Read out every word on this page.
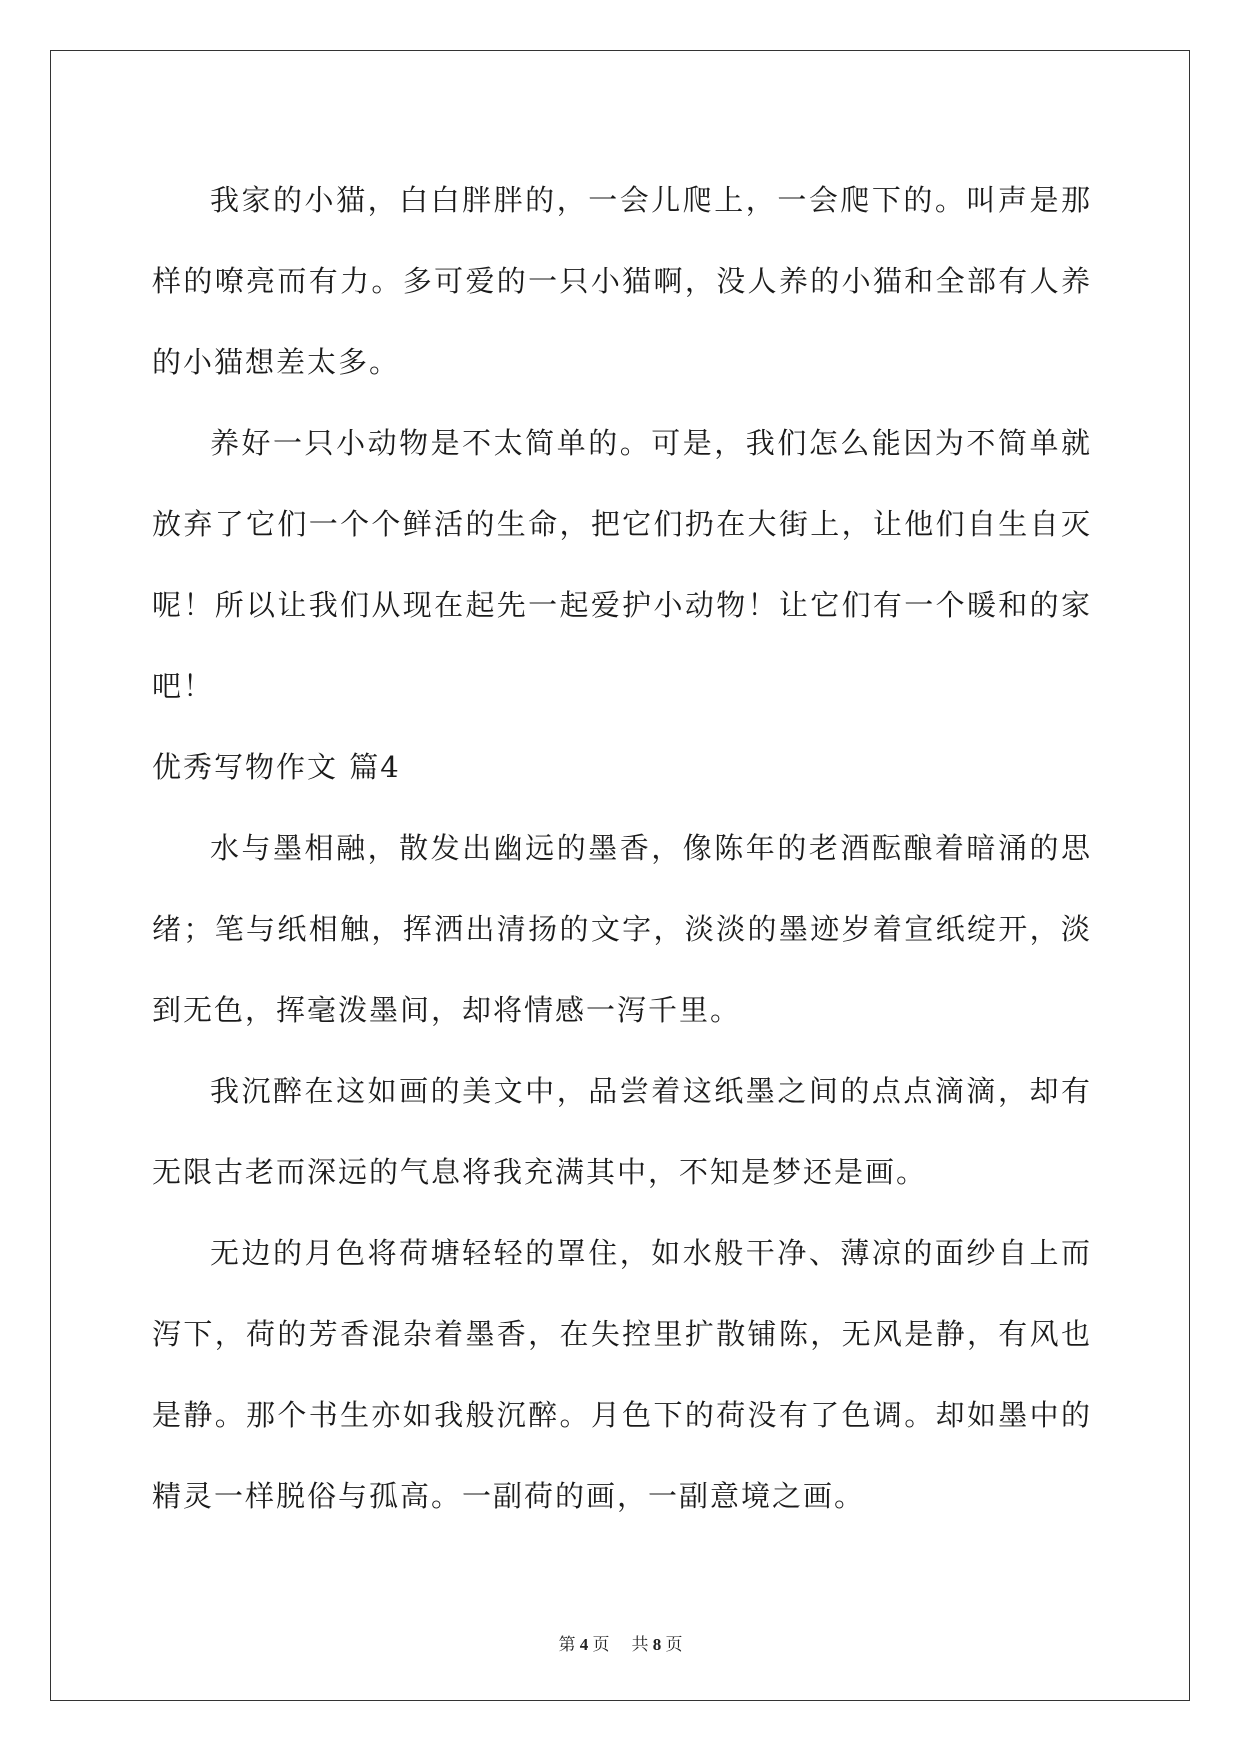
我家的小猫，白白胖胖的，一会儿爬上，一会爬下的。叫声是那样的嘹亮而有力。多可爱的一只小猫啊，没人养的小猫和全部有人养的小猫想差太多。

养好一只小动物是不太简单的。可是，我们怎么能因为不简单就放弃了它们一个个鲜活的生命，把它们扔在大街上，让他们自生自灭呢！所以让我们从现在起先一起爱护小动物！让它们有一个暖和的家吧！

优秀写物作文 篇4

水与墨相融，散发出幽远的墨香，像陈年的老酒酝酿着暗涌的思绪；笔与纸相触，挥洒出清扬的文字，淡淡的墨迹岁着宣纸绽开，淡到无色，挥毫泼墨间，却将情感一泻千里。

我沉醉在这如画的美文中，品尝着这纸墨之间的点点滴滴，却有无限古老而深远的气息将我充满其中，不知是梦还是画。

无边的月色将荷塘轻轻的罩住，如水般干净、薄凉的面纱自上而泻下，荷的芳香混杂着墨香，在失控里扩散铺陈，无风是静，有风也是静。那个书生亦如我般沉醉。月色下的荷没有了色调。却如墨中的精灵一样脱俗与孤高。一副荷的画，一副意境之画。

第 4 页 共 8 页
